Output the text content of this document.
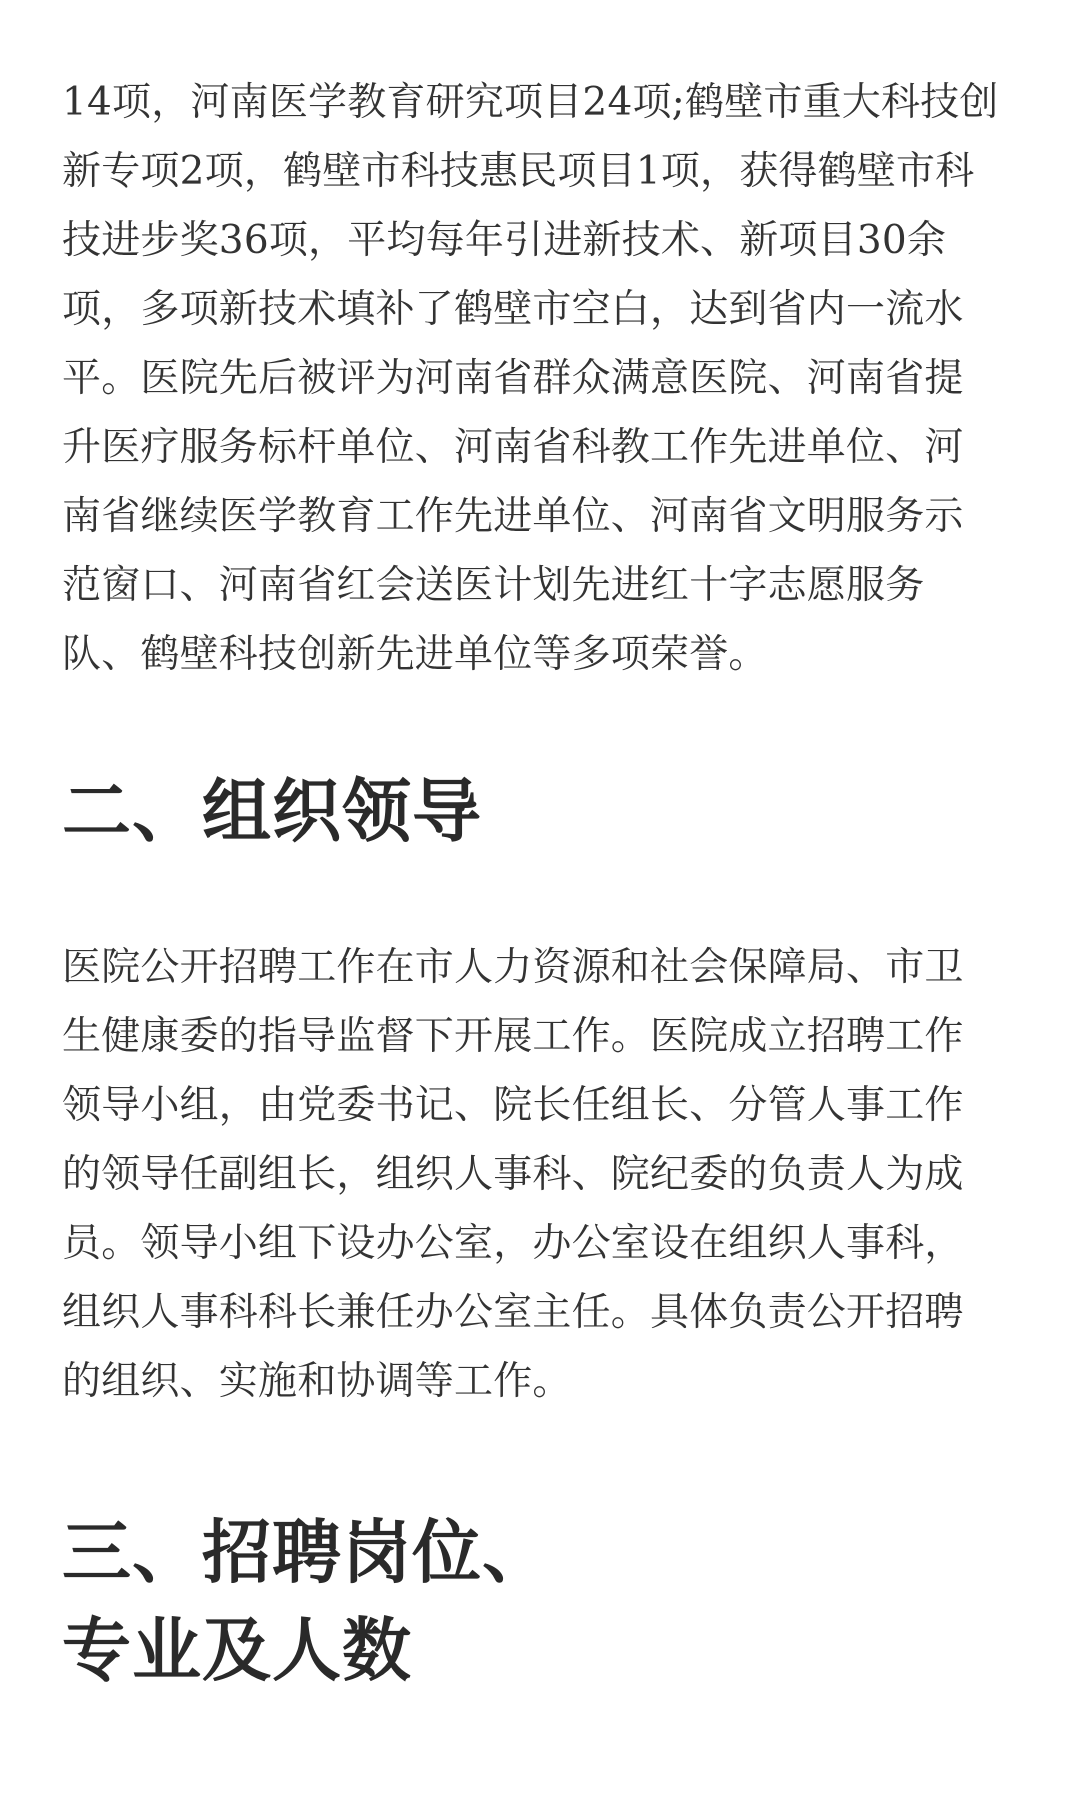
14项，河南医学教育研究项目24项;鹤壁市重大科技创
新专项2项，鹤壁市科技惠民项目1项，获得鹤壁市科
技进步奖36项，平均每年引进新技术、新项目30余
项，多项新技术填补了鹤壁市空白，达到省内一流水
平。医院先后被评为河南省群众满意医院、河南省提
升医疗服务标杆单位、河南省科教工作先进单位、河
南省继续医学教育工作先进单位、河南省文明服务示
范窗口、河南省红会送医计划先进红十字志愿服务
队、鹤壁科技创新先进单位等多项荣誉。

二、组织领导

医院公开招聘工作在市人力资源和社会保障局、市卫
生健康委的指导监督下开展工作。医院成立招聘工作
领导小组，由党委书记、院长任组长、分管人事工作
的领导任副组长，组织人事科、院纪委的负责人为成
员。领导小组下设办公室，办公室设在组织人事科，
组织人事科科长兼任办公室主任。具体负责公开招聘
的组织、实施和协调等工作。

三、招聘岗位、
专业及人数
